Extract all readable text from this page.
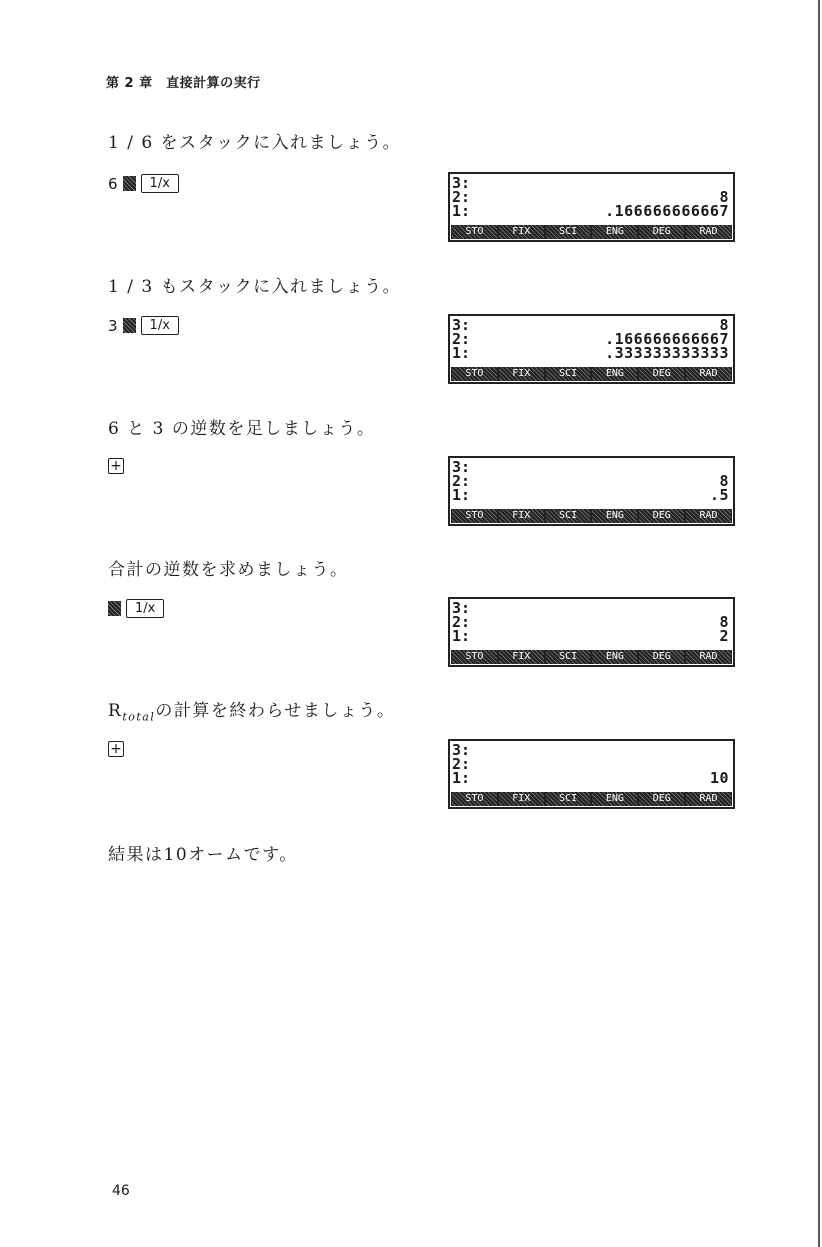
第 2 章　直接計算の実行
1 / 6 をスタックに入れましょう。
6	1/x	3:
2:	8
1:	.166666666667
STO	FIX	SCI	ENG	DEG	RAD
1 / 3 もスタックに入れましょう。
3	1/x	3:	8
2:	.166666666667
1:	.333333333333
STO	FIX	SCI	ENG	DEG	RAD
6 と 3 の逆数を足しましょう。
+	3:
2:	8
1:	.5
STO	FIX	SCI	ENG	DEG	RAD
合計の逆数を求めましょう。
1/x	3:
2:	8
1:	2
STO	FIX	SCI	ENG	DEG	RAD
$R_{total}$の計算を終わらせましょう。
+	3:
2:
1:	10
STO	FIX	SCI	ENG	DEG	RAD
結果は10オームです。
46
